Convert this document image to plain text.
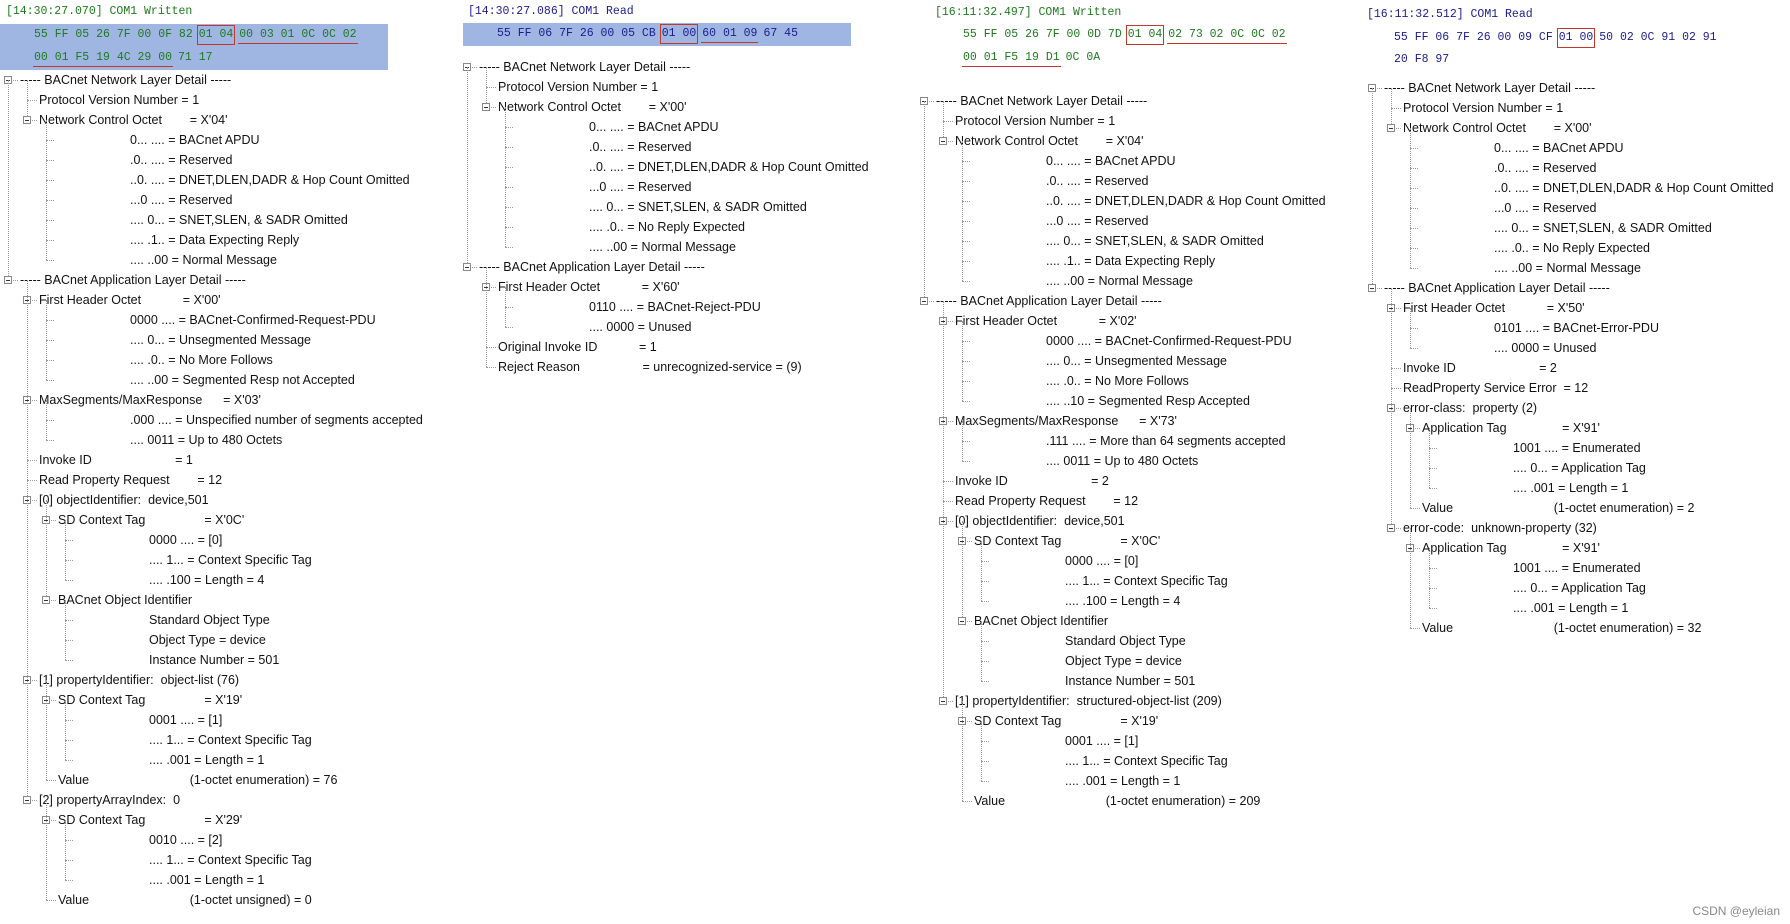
[14:30:27.070] COM1 Written
55 FF 05 26 7F 00 0F 82 01 04 00 03 01 0C 0C 02
00 01 F5 19 4C 29 00 71 17
----- BACnet Network Layer Detail -----
Protocol Version Number = 1
Network Control Octet        = X'04'
0... .... = BACnet APDU
.0.. .... = Reserved
..0. .... = DNET,DLEN,DADR & Hop Count Omitted
...0 .... = Reserved
.... 0... = SNET,SLEN, & SADR Omitted
.... .1.. = Data Expecting Reply
.... ..00 = Normal Message
----- BACnet Application Layer Detail -----
First Header Octet            = X'00'
0000 .... = BACnet-Confirmed-Request-PDU
.... 0... = Unsegmented Message
.... .0.. = No More Follows
.... ..00 = Segmented Resp not Accepted
MaxSegments/MaxResponse      = X'03'
.000 .... = Unspecified number of segments accepted
.... 0011 = Up to 480 Octets
Invoke ID                        = 1
Read Property Request        = 12
[0] objectIdentifier:  device,501
SD Context Tag                 = X'0C'
0000 .... = [0]
.... 1... = Context Specific Tag
.... .100 = Length = 4
BACnet Object Identifier
Standard Object Type
Object Type = device
Instance Number = 501
[1] propertyIdentifier:  object-list (76)
SD Context Tag                 = X'19'
0001 .... = [1]
.... 1... = Context Specific Tag
.... .001 = Length = 1
Value                             (1-octet enumeration) = 76
[2] propertyArrayIndex:  0
SD Context Tag                 = X'29'
0010 .... = [2]
.... 1... = Context Specific Tag
.... .001 = Length = 1
Value                             (1-octet unsigned) = 0
[14:30:27.086] COM1 Read
55 FF 06 7F 26 00 05 CB 01 00 60 01 09 67 45
----- BACnet Network Layer Detail -----
Protocol Version Number = 1
Network Control Octet        = X'00'
0... .... = BACnet APDU
.0.. .... = Reserved
..0. .... = DNET,DLEN,DADR & Hop Count Omitted
...0 .... = Reserved
.... 0... = SNET,SLEN, & SADR Omitted
.... .0.. = No Reply Expected
.... ..00 = Normal Message
----- BACnet Application Layer Detail -----
First Header Octet            = X'60'
0110 .... = BACnet-Reject-PDU
.... 0000 = Unused
Original Invoke ID            = 1
Reject Reason                  = unrecognized-service = (9)
[16:11:32.497] COM1 Written
55 FF 05 26 7F 00 0D 7D 01 04 02 73 02 0C 0C 02
00 01 F5 19 D1 0C 0A
----- BACnet Network Layer Detail -----
Protocol Version Number = 1
Network Control Octet        = X'04'
0... .... = BACnet APDU
.0.. .... = Reserved
..0. .... = DNET,DLEN,DADR & Hop Count Omitted
...0 .... = Reserved
.... 0... = SNET,SLEN, & SADR Omitted
.... .1.. = Data Expecting Reply
.... ..00 = Normal Message
----- BACnet Application Layer Detail -----
First Header Octet            = X'02'
0000 .... = BACnet-Confirmed-Request-PDU
.... 0... = Unsegmented Message
.... .0.. = No More Follows
.... ..10 = Segmented Resp Accepted
MaxSegments/MaxResponse      = X'73'
.111 .... = More than 64 segments accepted
.... 0011 = Up to 480 Octets
Invoke ID                        = 2
Read Property Request        = 12
[0] objectIdentifier:  device,501
SD Context Tag                 = X'0C'
0000 .... = [0]
.... 1... = Context Specific Tag
.... .100 = Length = 4
BACnet Object Identifier
Standard Object Type
Object Type = device
Instance Number = 501
[1] propertyIdentifier:  structured-object-list (209)
SD Context Tag                 = X'19'
0001 .... = [1]
.... 1... = Context Specific Tag
.... .001 = Length = 1
Value                             (1-octet enumeration) = 209
[16:11:32.512] COM1 Read
55 FF 06 7F 26 00 09 CF 01 00 50 02 0C 91 02 91
20 F8 97
----- BACnet Network Layer Detail -----
Protocol Version Number = 1
Network Control Octet        = X'00'
0... .... = BACnet APDU
.0.. .... = Reserved
..0. .... = DNET,DLEN,DADR & Hop Count Omitted
...0 .... = Reserved
.... 0... = SNET,SLEN, & SADR Omitted
.... .0.. = No Reply Expected
.... ..00 = Normal Message
----- BACnet Application Layer Detail -----
First Header Octet            = X'50'
0101 .... = BACnet-Error-PDU
.... 0000 = Unused
Invoke ID                        = 2
ReadProperty Service Error  = 12
error-class:  property (2)
Application Tag                = X'91'
1001 .... = Enumerated
.... 0... = Application Tag
.... .001 = Length = 1
Value                             (1-octet enumeration) = 2
error-code:  unknown-property (32)
Application Tag                = X'91'
1001 .... = Enumerated
.... 0... = Application Tag
.... .001 = Length = 1
Value                             (1-octet enumeration) = 32
CSDN @eyleian
